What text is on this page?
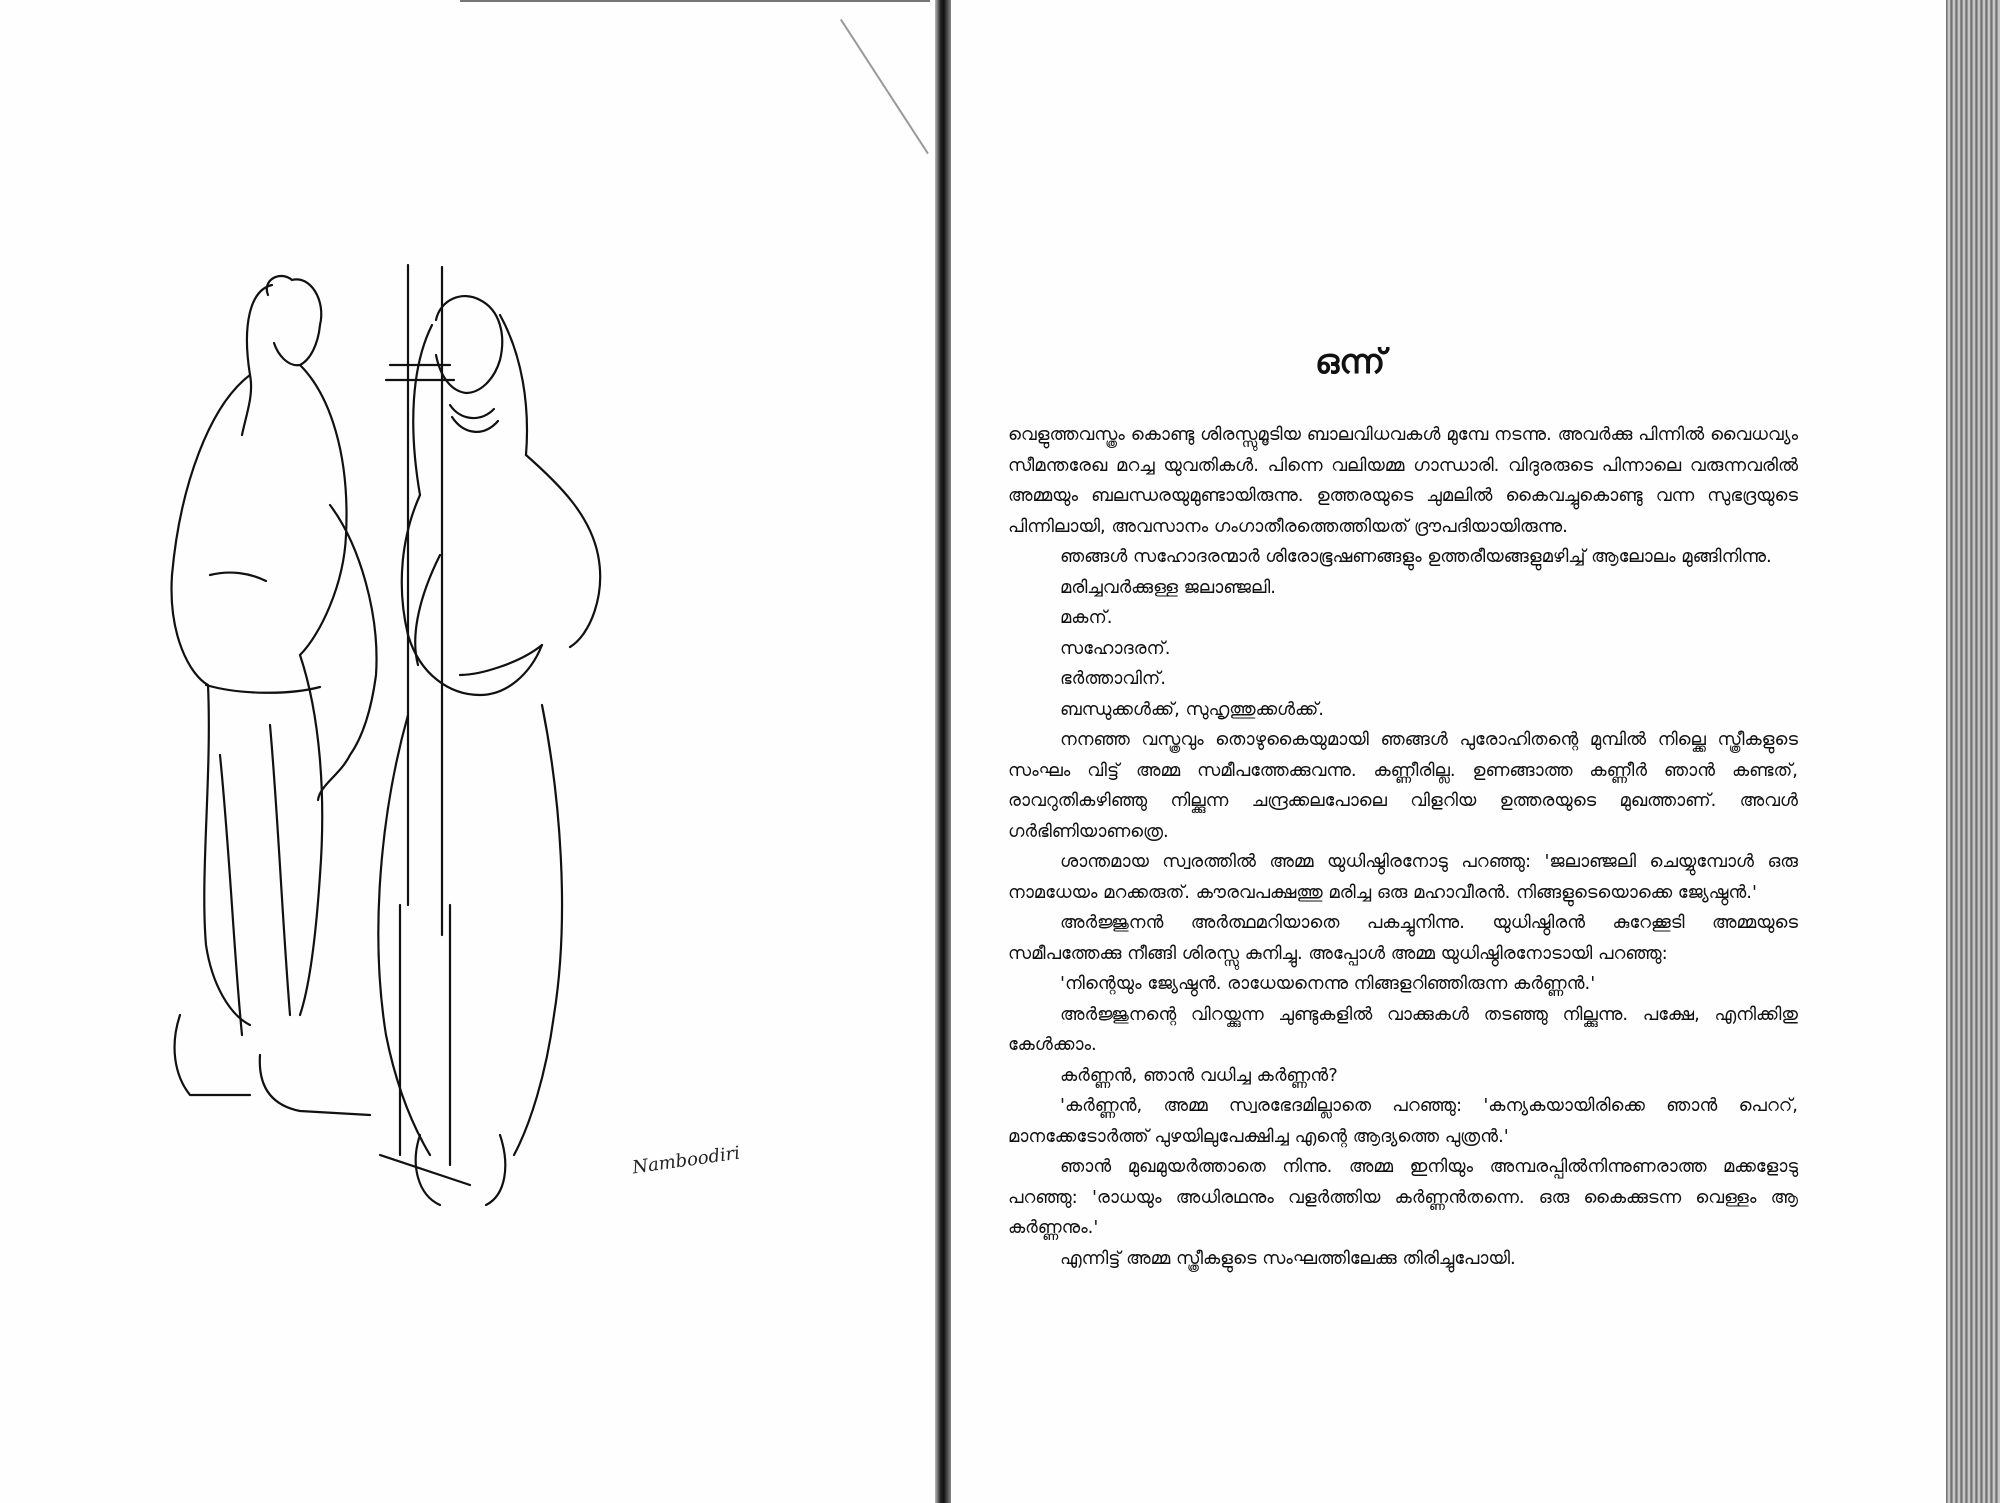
Namboodiri
ഒന്ന്

വെളുത്തവസ്ത്രം കൊണ്ടു ശിരസ്സുമൂടിയ ബാലവിധവകൾ മുമ്പേ നടന്നു. അവർക്കു പിന്നിൽ വൈധവ്യം സീമന്തരേഖ മറച്ച യുവതികൾ. പിന്നെ വലിയമ്മ ഗാന്ധാരി. വിദുരരുടെ പിന്നാലെ വരുന്നവരിൽ അമ്മയും ബലന്ധരയുമുണ്ടായിരുന്നു. ഉത്തരയുടെ ചുമലിൽ കൈവച്ചുകൊണ്ടു വന്ന സുഭദ്രയുടെ പിന്നിലായി, അവസാനം ഗംഗാതീരത്തെത്തിയത് ദ്രൗപദിയായിരുന്നു.

ഞങ്ങൾ സഹോദരന്മാർ ശിരോഭൂഷണങ്ങളും ഉത്തരീയങ്ങളുമഴിച്ച് ആലോലം മുങ്ങിനിന്നു.

മരിച്ചവർക്കുള്ള ജലാഞ്ജലി.

മകന്.

സഹോദരന്.

ഭർത്താവിന്.

ബന്ധുക്കൾക്ക്, സുഹൃത്തുക്കൾക്ക്.

നനഞ്ഞ വസ്ത്രവും തൊഴുകൈയുമായി ഞങ്ങൾ പുരോഹിതന്റെ മുമ്പിൽ നില്ക്കെ സ്ത്രീകളുടെ സംഘം വിട്ട് അമ്മ സമീപത്തേക്കുവന്നു. കണ്ണീരില്ല. ഉണങ്ങാത്ത കണ്ണീർ ഞാൻ കണ്ടത്, രാവറുതികഴിഞ്ഞു നില്ക്കുന്ന ചന്ദ്രക്കലപോലെ വിളറിയ ഉത്തരയുടെ മുഖത്താണ്. അവൾ ഗർഭിണിയാണത്രെ.

ശാന്തമായ സ്വരത്തിൽ അമ്മ യുധിഷ്ഠിരനോടു പറഞ്ഞു: 'ജലാഞ്ജലി ചെയ്യുമ്പോൾ ഒരു നാമധേയം മറക്കരുത്. കൗരവപക്ഷത്തു മരിച്ച ഒരു മഹാവീരൻ. നിങ്ങളുടെയൊക്കെ ജ്യേഷ്ഠൻ.'

അർജ്ജുനൻ അർത്ഥമറിയാതെ പകച്ചുനിന്നു. യുധിഷ്ഠിരൻ കുറേക്കൂടി അമ്മയുടെ സമീപത്തേക്കു നീങ്ങി ശിരസ്സു കുനിച്ചു. അപ്പോൾ അമ്മ യുധിഷ്ഠിരനോടായി പറഞ്ഞു:

'നിന്റെയും ജ്യേഷ്ഠൻ. രാധേയനെന്നു നിങ്ങളറിഞ്ഞിരുന്ന കർണ്ണൻ.'

അർജ്ജുനന്റെ വിറയ്ക്കുന്ന ചുണ്ടുകളിൽ വാക്കുകൾ തടഞ്ഞു നില്ക്കുന്നു. പക്ഷേ, എനിക്കിതു കേൾക്കാം.

കർണ്ണൻ, ഞാൻ വധിച്ച കർണ്ണൻ?

'കർണ്ണൻ, അമ്മ സ്വരഭേദമില്ലാതെ പറഞ്ഞു: 'കന്യകയായിരിക്കെ ഞാൻ പെററ്, മാനക്കേടോർത്ത് പുഴയിലുപേക്ഷിച്ച എന്റെ ആദ്യത്തെ പുത്രൻ.'

ഞാൻ മുഖമുയർത്താതെ നിന്നു. അമ്മ ഇനിയും അമ്പരപ്പിൽനിന്നുണരാത്ത മക്കളോടു പറഞ്ഞു: 'രാധയും അധിരഥനും വളർത്തിയ കർണ്ണൻതന്നെ. ഒരു കൈക്കുടന്ന വെള്ളം ആ കർണ്ണനും.'

എന്നിട്ട് അമ്മ സ്ത്രീകളുടെ സംഘത്തിലേക്കു തിരിച്ചുപോയി.
